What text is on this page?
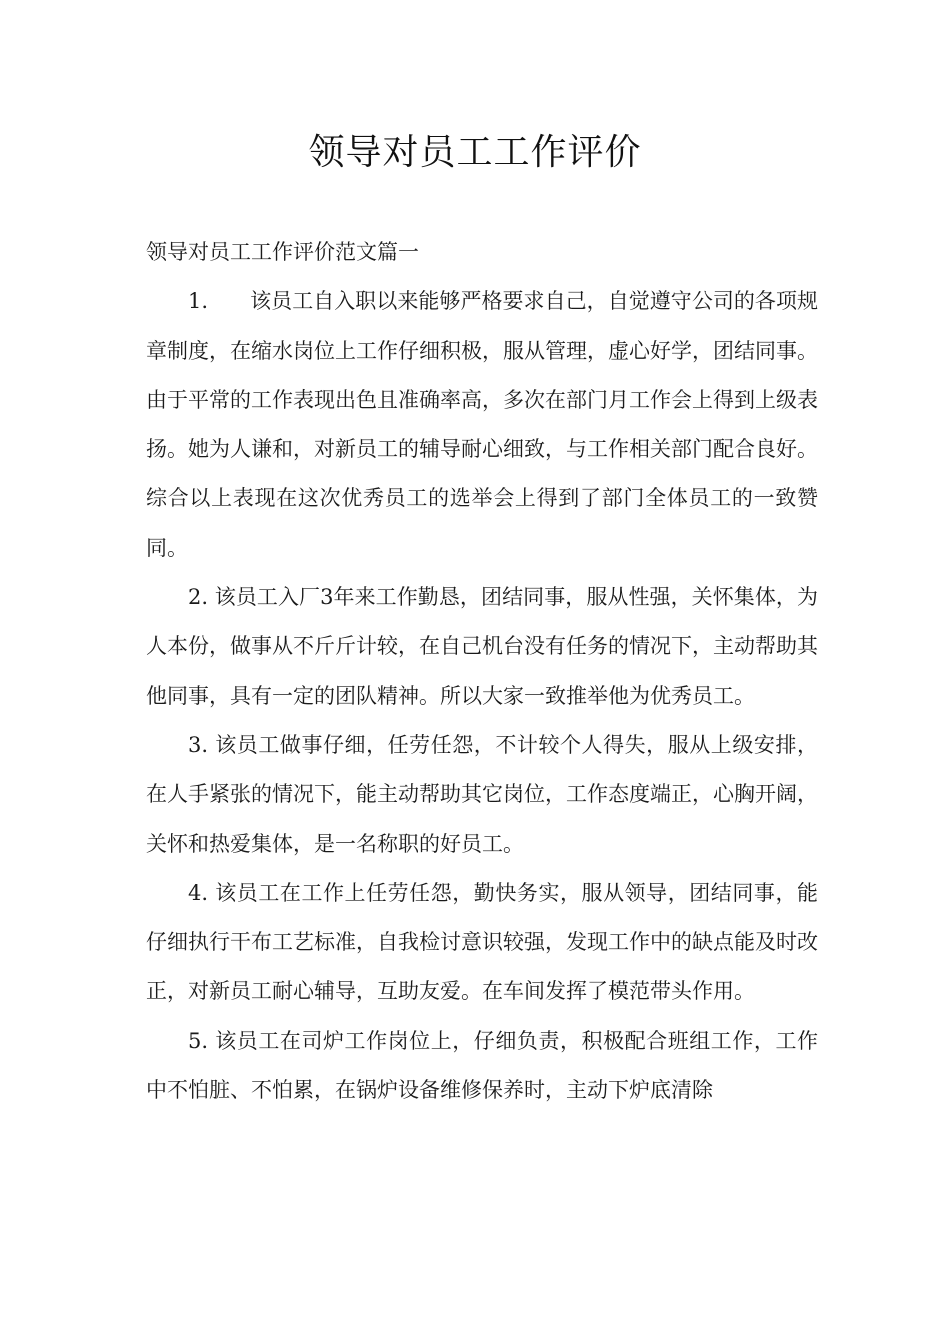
领导对员工工作评价

领导对员工工作评价范文篇一

1.　　该员工自入职以来能够严格要求自己，自觉遵守公司的各项规章制度，在缩水岗位上工作仔细积极，服从管理，虚心好学，团结同事。由于平常的工作表现出色且准确率高，多次在部门月工作会上得到上级表扬。她为人谦和，对新员工的辅导耐心细致，与工作相关部门配合良好。综合以上表现在这次优秀员工的选举会上得到了部门全体员工的一致赞同。

2. 该员工入厂3年来工作勤恳，团结同事，服从性强，关怀集体，为人本份，做事从不斤斤计较，在自己机台没有任务的情况下，主动帮助其他同事，具有一定的团队精神。所以大家一致推举他为优秀员工。

3. 该员工做事仔细，任劳任怨，不计较个人得失，服从上级安排，在人手紧张的情况下，能主动帮助其它岗位，工作态度端正，心胸开阔，关怀和热爱集体，是一名称职的好员工。

4. 该员工在工作上任劳任怨，勤快务实，服从领导，团结同事，能仔细执行干布工艺标准，自我检讨意识较强，发现工作中的缺点能及时改正，对新员工耐心辅导，互助友爱。在车间发挥了模范带头作用。

5. 该员工在司炉工作岗位上，仔细负责，积极配合班组工作，工作中不怕脏、不怕累，在锅炉设备维修保养时，主动下炉底清除
